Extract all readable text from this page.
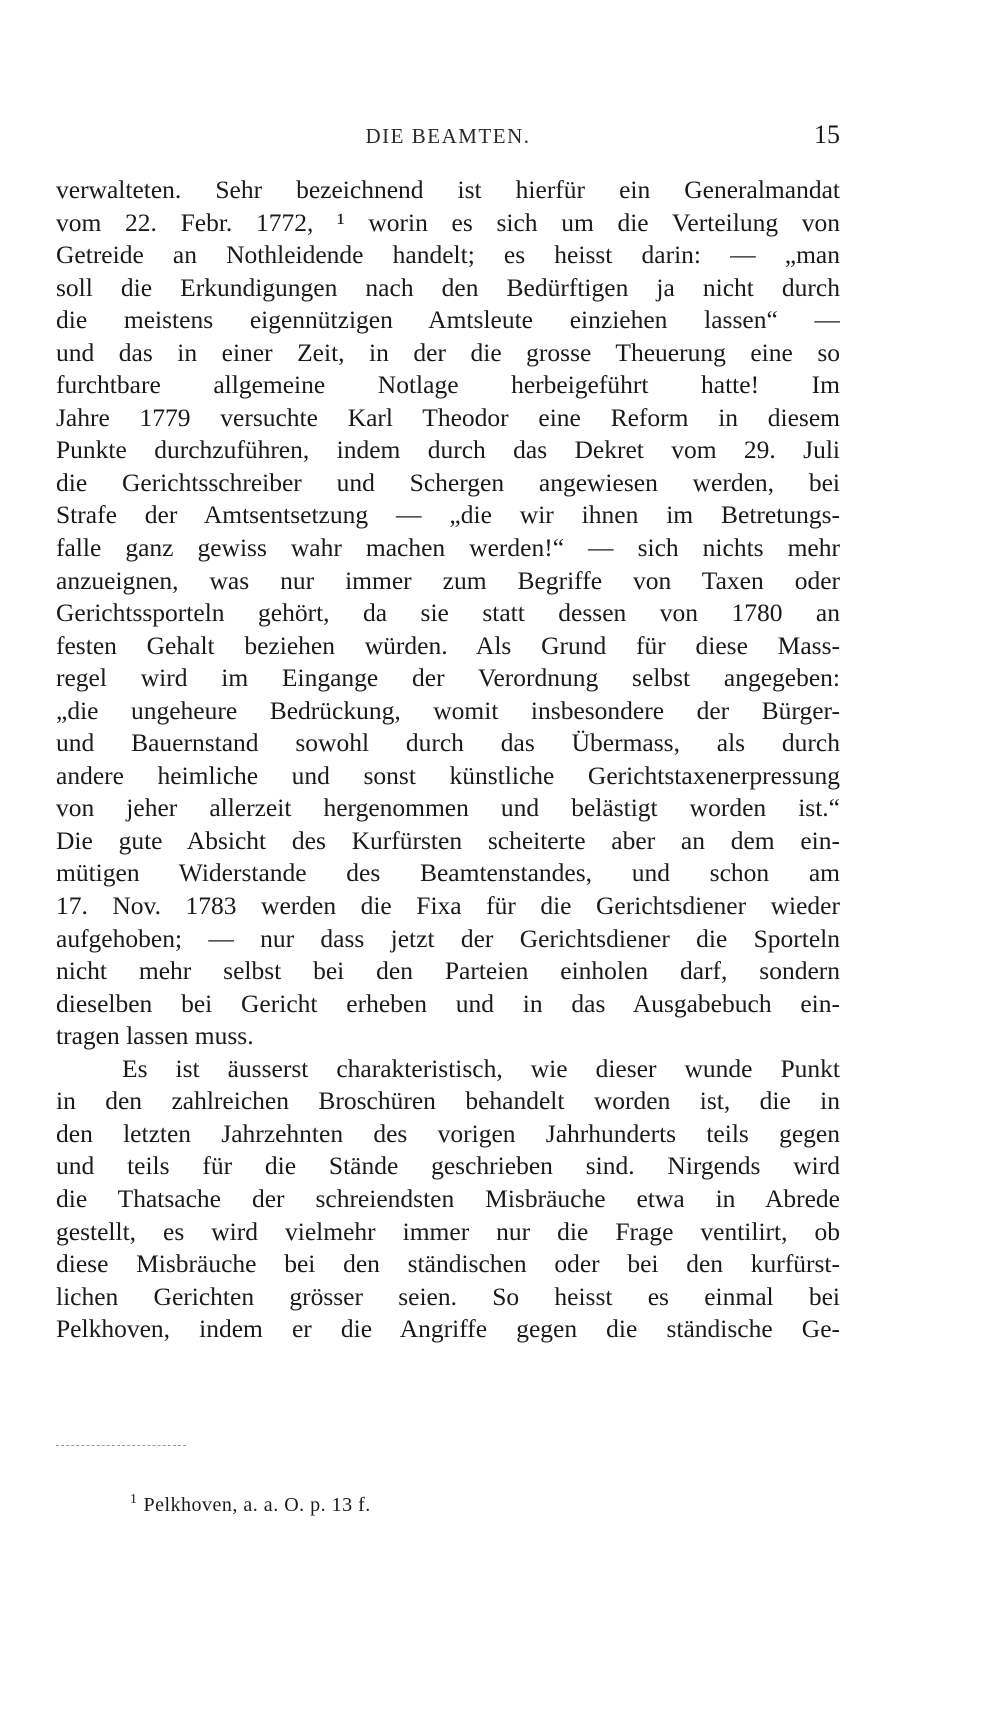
DIE BEAMTEN.	15
verwalteten. Sehr bezeichnend ist hierfür ein Generalmandat
vom 22. Febr. 1772, ¹ worin es sich um die Verteilung von
Getreide an Nothleidende handelt; es heisst darin: — „man
soll die Erkundigungen nach den Bedürftigen ja nicht durch
die meistens eigennützigen Amtsleute einziehen lassen“ —
und das in einer Zeit, in der die grosse Theuerung eine so
furchtbare allgemeine Notlage herbeigeführt hatte! Im
Jahre 1779 versuchte Karl Theodor eine Reform in diesem
Punkte durchzuführen, indem durch das Dekret vom 29. Juli
die Gerichtsschreiber und Schergen angewiesen werden, bei
Strafe der Amtsentsetzung — „die wir ihnen im Betretungs-
falle ganz gewiss wahr machen werden!“ — sich nichts mehr
anzueignen, was nur immer zum Begriffe von Taxen oder
Gerichtssporteln gehört, da sie statt dessen von 1780 an
festen Gehalt beziehen würden. Als Grund für diese Mass-
regel wird im Eingange der Verordnung selbst angegeben:
„die ungeheure Bedrückung, womit insbesondere der Bürger-
und Bauernstand sowohl durch das Übermass, als durch
andere heimliche und sonst künstliche Gerichtstaxenerpressung
von jeher allerzeit hergenommen und belästigt worden ist.“
Die gute Absicht des Kurfürsten scheiterte aber an dem ein-
mütigen Widerstande des Beamtenstandes, und schon am
17. Nov. 1783 werden die Fixa für die Gerichtsdiener wieder
aufgehoben; — nur dass jetzt der Gerichtsdiener die Sporteln
nicht mehr selbst bei den Parteien einholen darf, sondern
dieselben bei Gericht erheben und in das Ausgabebuch ein-
tragen lassen muss.
Es ist äusserst charakteristisch, wie dieser wunde Punkt
in den zahlreichen Broschüren behandelt worden ist, die in
den letzten Jahrzehnten des vorigen Jahrhunderts teils gegen
und teils für die Stände geschrieben sind. Nirgends wird
die Thatsache der schreiendsten Misbräuche etwa in Abrede
gestellt, es wird vielmehr immer nur die Frage ventilirt, ob
diese Misbräuche bei den ständischen oder bei den kurfürst-
lichen Gerichten grösser seien. So heisst es einmal bei
Pelkhoven, indem er die Angriffe gegen die ständische Ge-
$^1$ Pelkhoven, a. a. O. p. 13 f.
